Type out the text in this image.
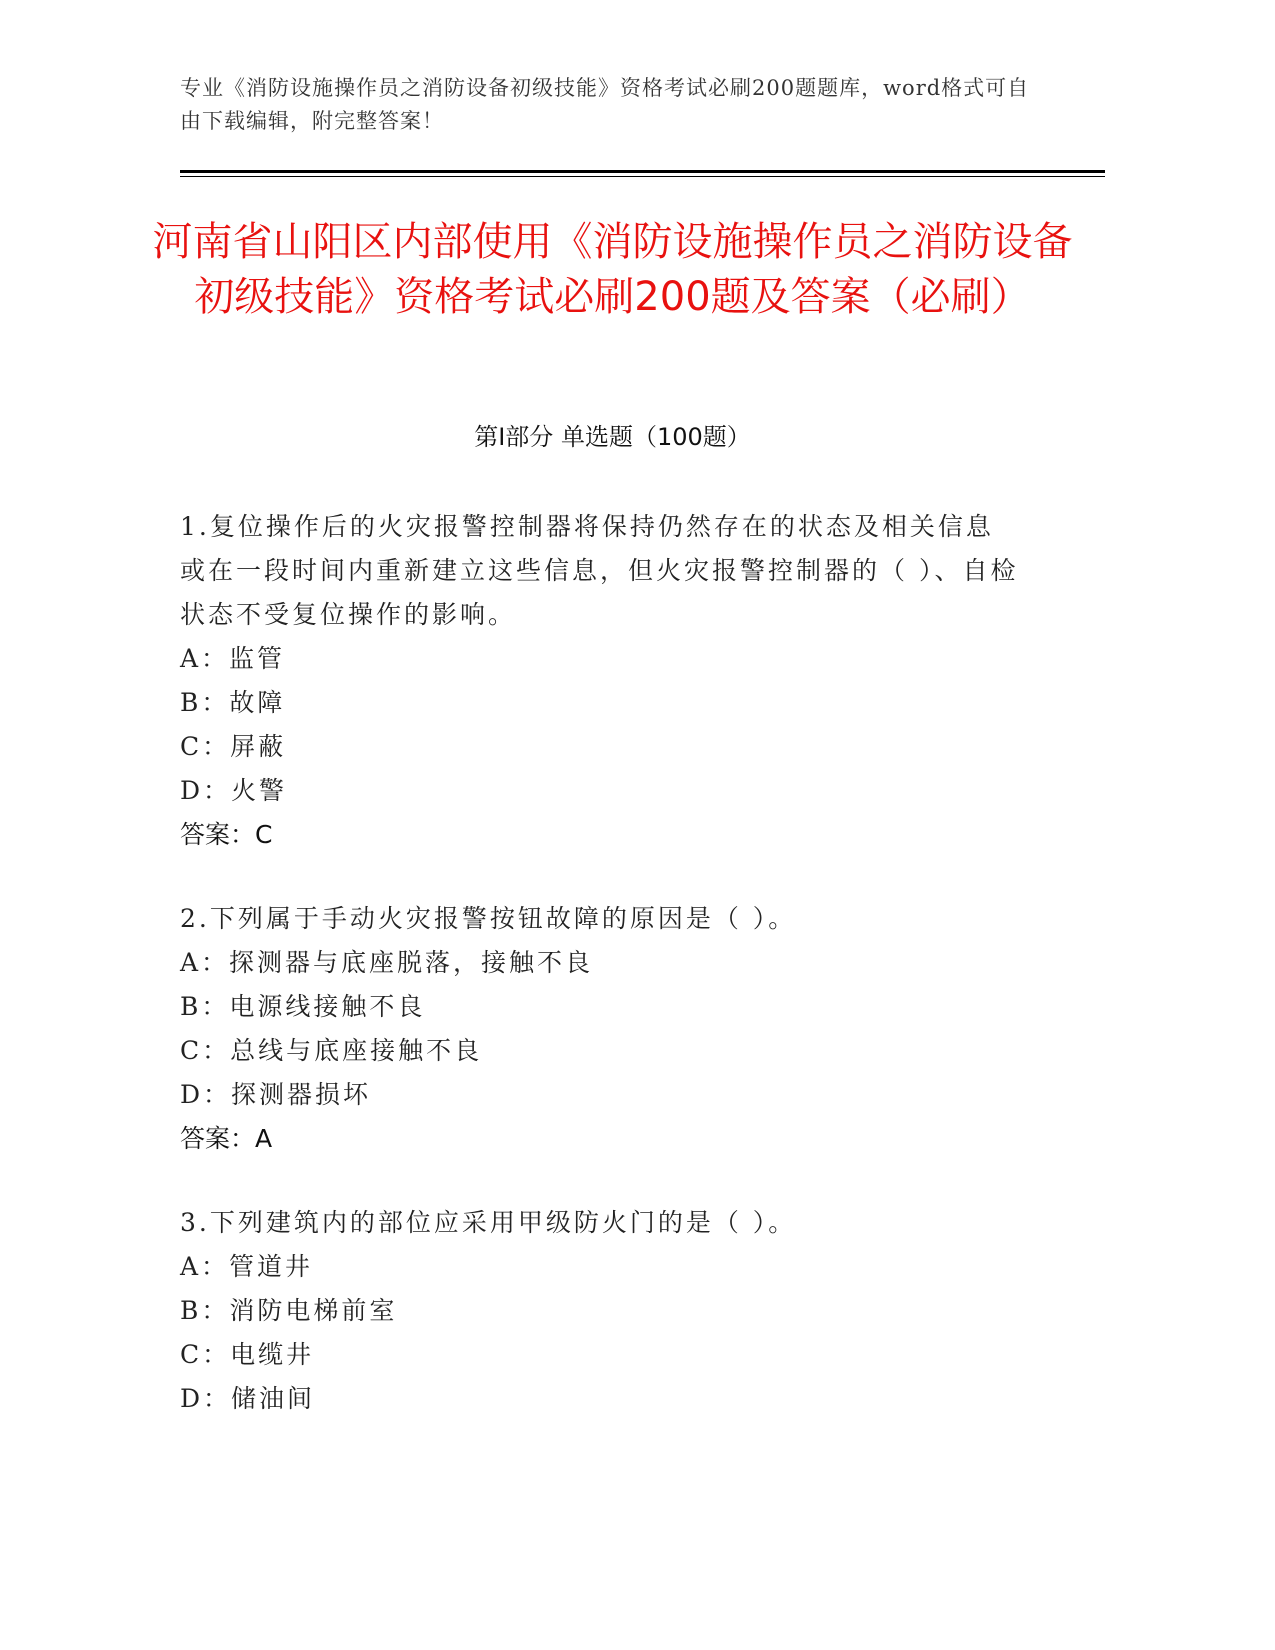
专业《消防设施操作员之消防设备初级技能》资格考试必刷200题题库，word格式可自由下载编辑，附完整答案！
河南省山阳区内部使用《消防设施操作员之消防设备初级技能》资格考试必刷200题及答案（必刷）
第I部分 单选题（100题）
1.复位操作后的火灾报警控制器将保持仍然存在的状态及相关信息或在一段时间内重新建立这些信息，但火灾报警控制器的（ ）、自检状态不受复位操作的影响。
A：监管
B：故障
C：屏蔽
D：火警
答案：C
2.下列属于手动火灾报警按钮故障的原因是（ ）。
A：探测器与底座脱落，接触不良
B：电源线接触不良
C：总线与底座接触不良
D：探测器损坏
答案：A
3.下列建筑内的部位应采用甲级防火门的是（ ）。
A：管道井
B：消防电梯前室
C：电缆井
D：储油间
